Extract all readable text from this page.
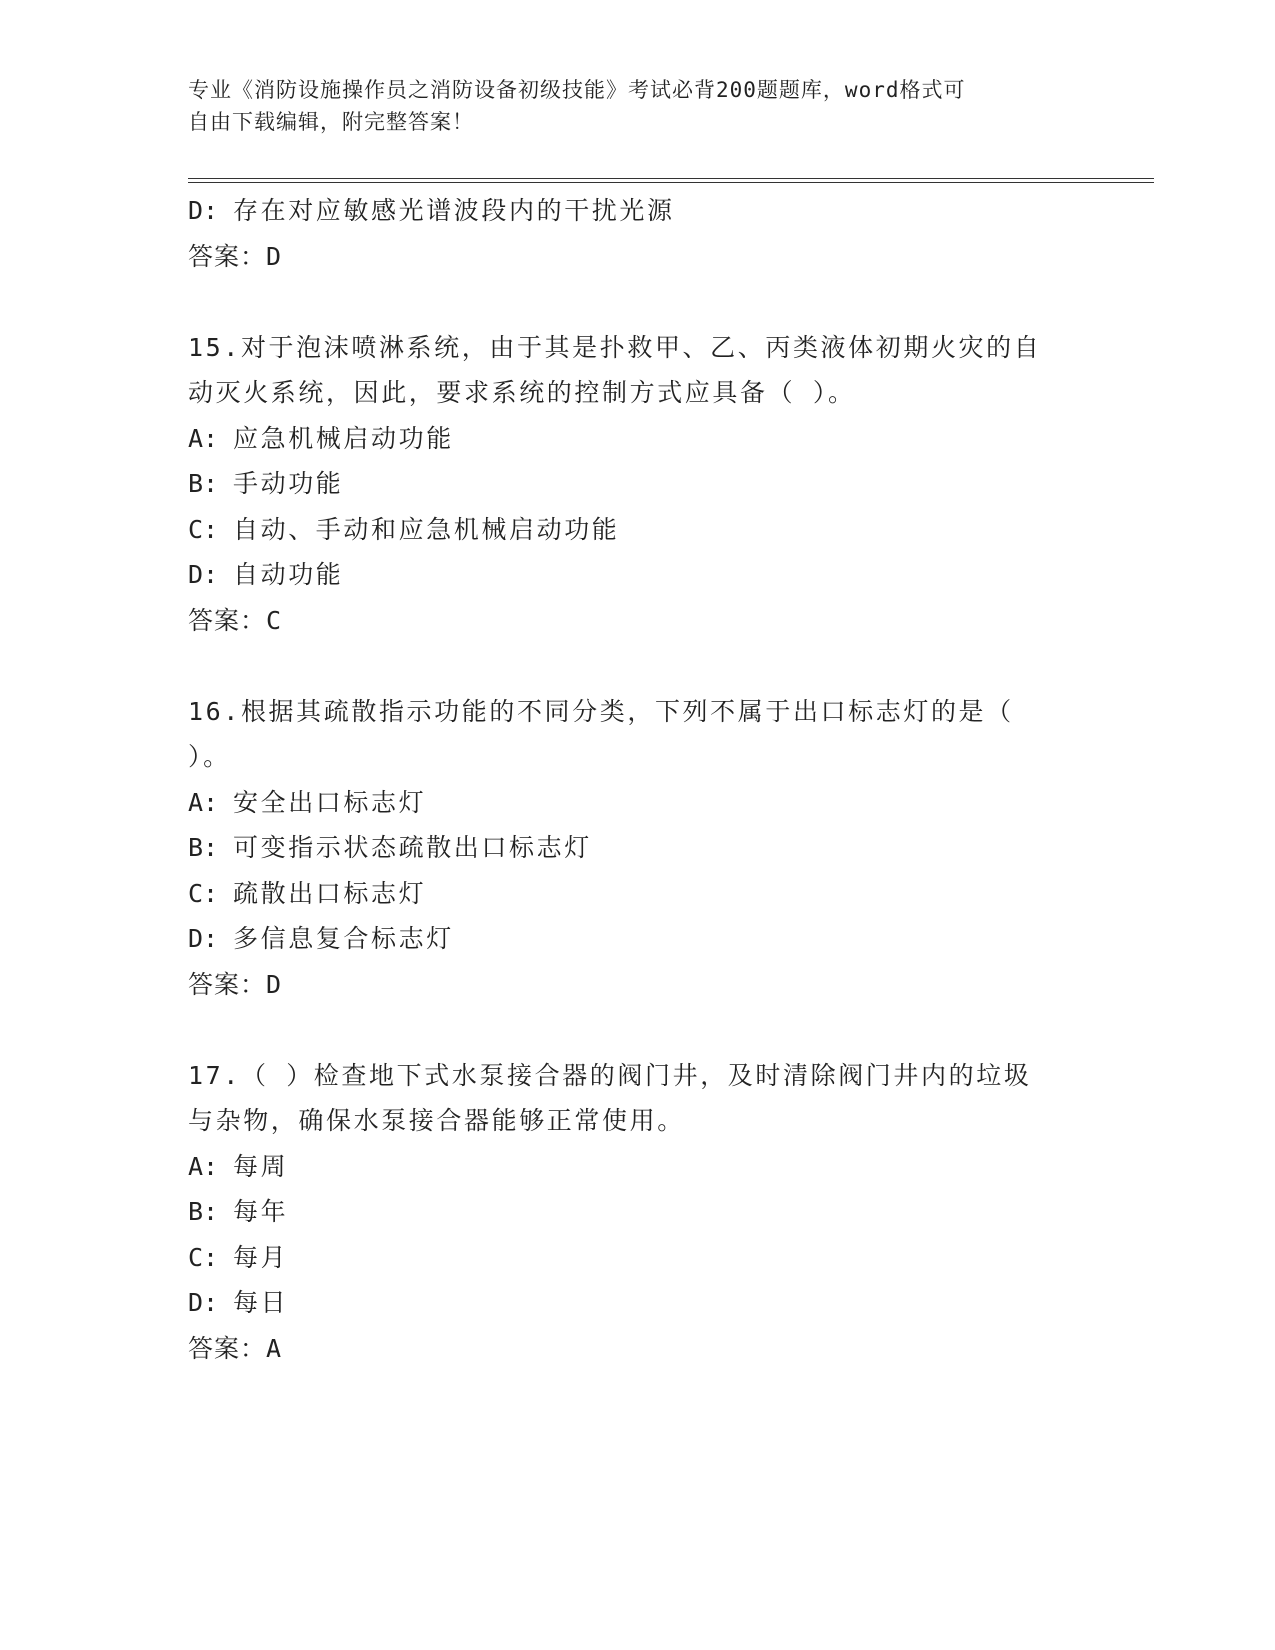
专业《消防设施操作员之消防设备初级技能》考试必背200题题库，word格式可
自由下载编辑，附完整答案！
D: 存在对应敏感光谱波段内的干扰光源
答案：D
15.对于泡沫喷淋系统，由于其是扑救甲、乙、丙类液体初期火灾的自
动灭火系统，因此，要求系统的控制方式应具备（ ）。
A: 应急机械启动功能
B: 手动功能
C: 自动、手动和应急机械启动功能
D: 自动功能
答案：C
16.根据其疏散指示功能的不同分类，下列不属于出口标志灯的是（
）。
A: 安全出口标志灯
B: 可变指示状态疏散出口标志灯
C: 疏散出口标志灯
D: 多信息复合标志灯
答案：D
17.（ ）检查地下式水泵接合器的阀门井，及时清除阀门井内的垃圾
与杂物，确保水泵接合器能够正常使用。
A: 每周
B: 每年
C: 每月
D: 每日
答案：A
